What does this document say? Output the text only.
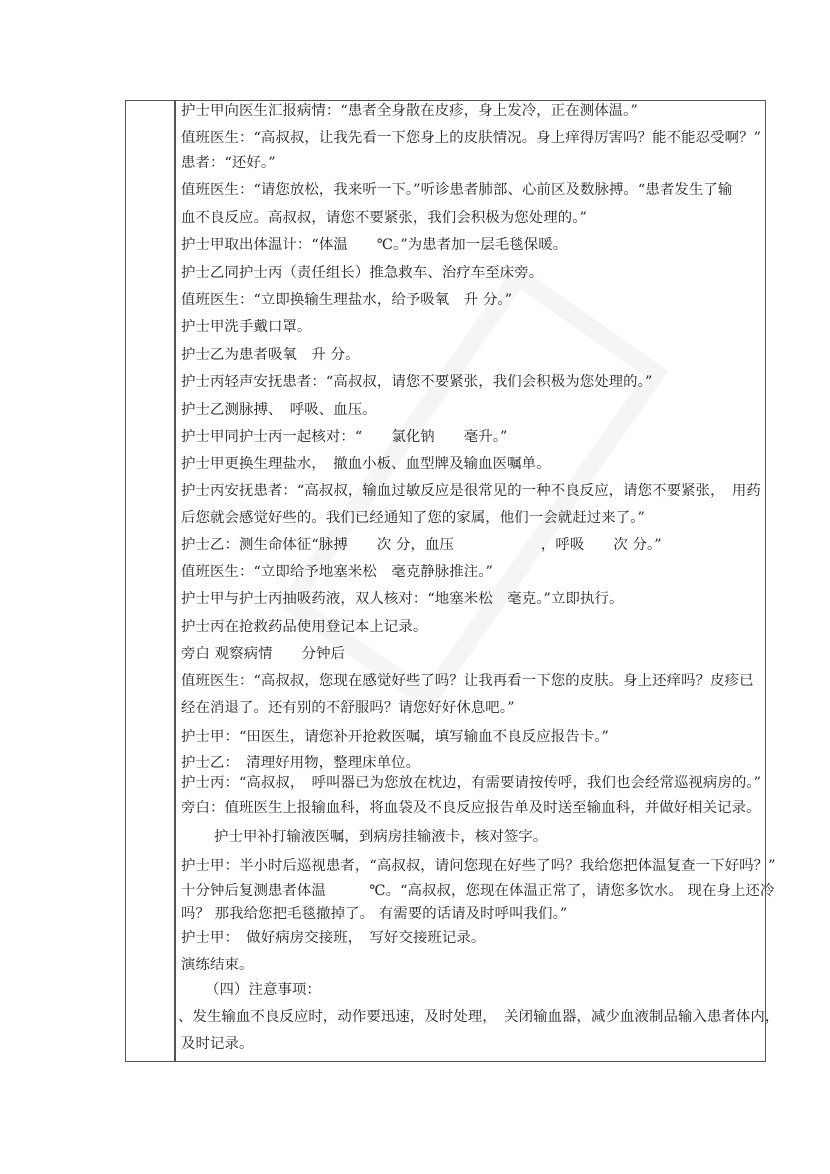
护士甲向医生汇报病情：“患者全身散在皮疹，身上发冷，正在测体温。”
值班医生：“高叔叔，让我先看一下您身上的皮肤情况。身上痒得厉害吗？能不能忍受啊？”
患者：“还好。”
值班医生：“请您放松，我来听一下。”听诊患者肺部、心前区及数脉搏。“患者发生了输
血不良反应。高叔叔，请您不要紧张，我们会积极为您处理的。”
护士甲取出体温计：“体温　　℃。”为患者加一层毛毯保暖。
护士乙同护士丙（责任组长）推急救车、治疗车至床旁。
值班医生：“立即换输生理盐水，给予吸氧　升 分。”
护士甲洗手戴口罩。
护士乙为患者吸氧　升 分。
护士丙轻声安抚患者：“高叔叔，请您不要紧张，我们会积极为您处理的。”
护士乙测脉搏、　呼吸、血压。
护士甲同护士丙一起核对：“　　氯化钠　　毫升。”
护士甲更换生理盐水，　撤血小板、血型牌及输血医嘱单。
护士丙安抚患者：“高叔叔，输血过敏反应是很常见的一种不良反应，请您不要紧张，　用药
后您就会感觉好些的。我们已经通知了您的家属，他们一会就赶过来了。”
护士乙：测生命体征“脉搏　　次 分，血压　　　　　　，呼吸　　次 分。”
值班医生：“立即给予地塞米松　毫克静脉推注。”
护士甲与护士丙抽吸药液，双人核对：“地塞米松　毫克。”立即执行。
护士丙在抢救药品使用登记本上记录。
旁白 观察病情　　分钟后
值班医生：“高叔叔，您现在感觉好些了吗？让我再看一下您的皮肤。身上还痒吗？皮疹已
经在消退了。还有别的不舒服吗？请您好好休息吧。”
护士甲：“田医生，请您补开抢救医嘱，填写输血不良反应报告卡。”
护士乙：　清理好用物，整理床单位。
护士丙：“高叔叔，　呼叫器已为您放在枕边，有需要请按传呼，我们也会经常巡视病房的。”
旁白：值班医生上报输血科，将血袋及不良反应报告单及时送至输血科，并做好相关记录。
护士甲补打输液医嘱，到病房挂输液卡，核对签字。
护士甲：半小时后巡视患者，“高叔叔，请问您现在好些了吗？我给您把体温复查一下好吗？”
十分钟后复测患者体温　　　℃。“高叔叔，您现在体温正常了，请您多饮水。 现在身上还冷
吗？ 那我给您把毛毯撤掉了。 有需要的话请及时呼叫我们。”
护士甲：　做好病房交接班，　写好交接班记录。
演练结束。
（四）注意事项：
、发生输血不良反应时，动作要迅速，及时处理，　关闭输血器，减少血液制品输入患者体内，
及时记录。
